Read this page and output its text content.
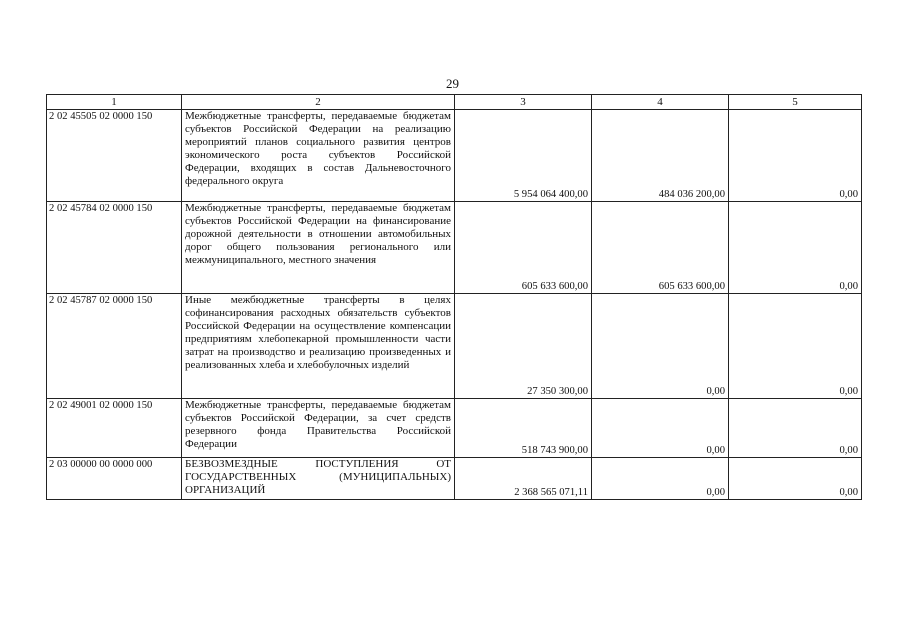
29
1	2	3	4	5
2 02 45505 02 0000 150	Межбюджетные трансферты, передаваемые бюджетам субъектов Российской Федерации на реализацию мероприятий планов социального развития центров экономического роста субъектов Российской Федерации, входящих в состав Дальневосточного федерального округа	5 954 064 400,00	484 036 200,00	0,00
2 02 45784 02 0000 150	Межбюджетные трансферты, передаваемые бюджетам субъектов Российской Федерации на финансирование дорожной деятельности в отношении автомобильных дорог общего пользования регионального или межмуниципального, местного значения	605 633 600,00	605 633 600,00	0,00
2 02 45787 02 0000 150	Иные межбюджетные трансферты в целях софинансирования расходных обязательств субъектов Российской Федерации на осуществление компенсации предприятиям хлебопекарной промышленности части затрат на производство и реализацию произведенных и реализованных хлеба и хлебобулочных изделий	27 350 300,00	0,00	0,00
2 02 49001 02 0000 150	Межбюджетные трансферты, передаваемые бюджетам субъектов Российской Федерации, за счет средств резервного фонда Правительства Российской Федерации	518 743 900,00	0,00	0,00
2 03 00000 00 0000 000	БЕЗВОЗМЕЗДНЫЕ ПОСТУПЛЕНИЯ ОТ ГОСУДАРСТВЕННЫХ (МУНИЦИПАЛЬНЫХ) ОРГАНИЗАЦИЙ	2 368 565 071,11	0,00	0,00
